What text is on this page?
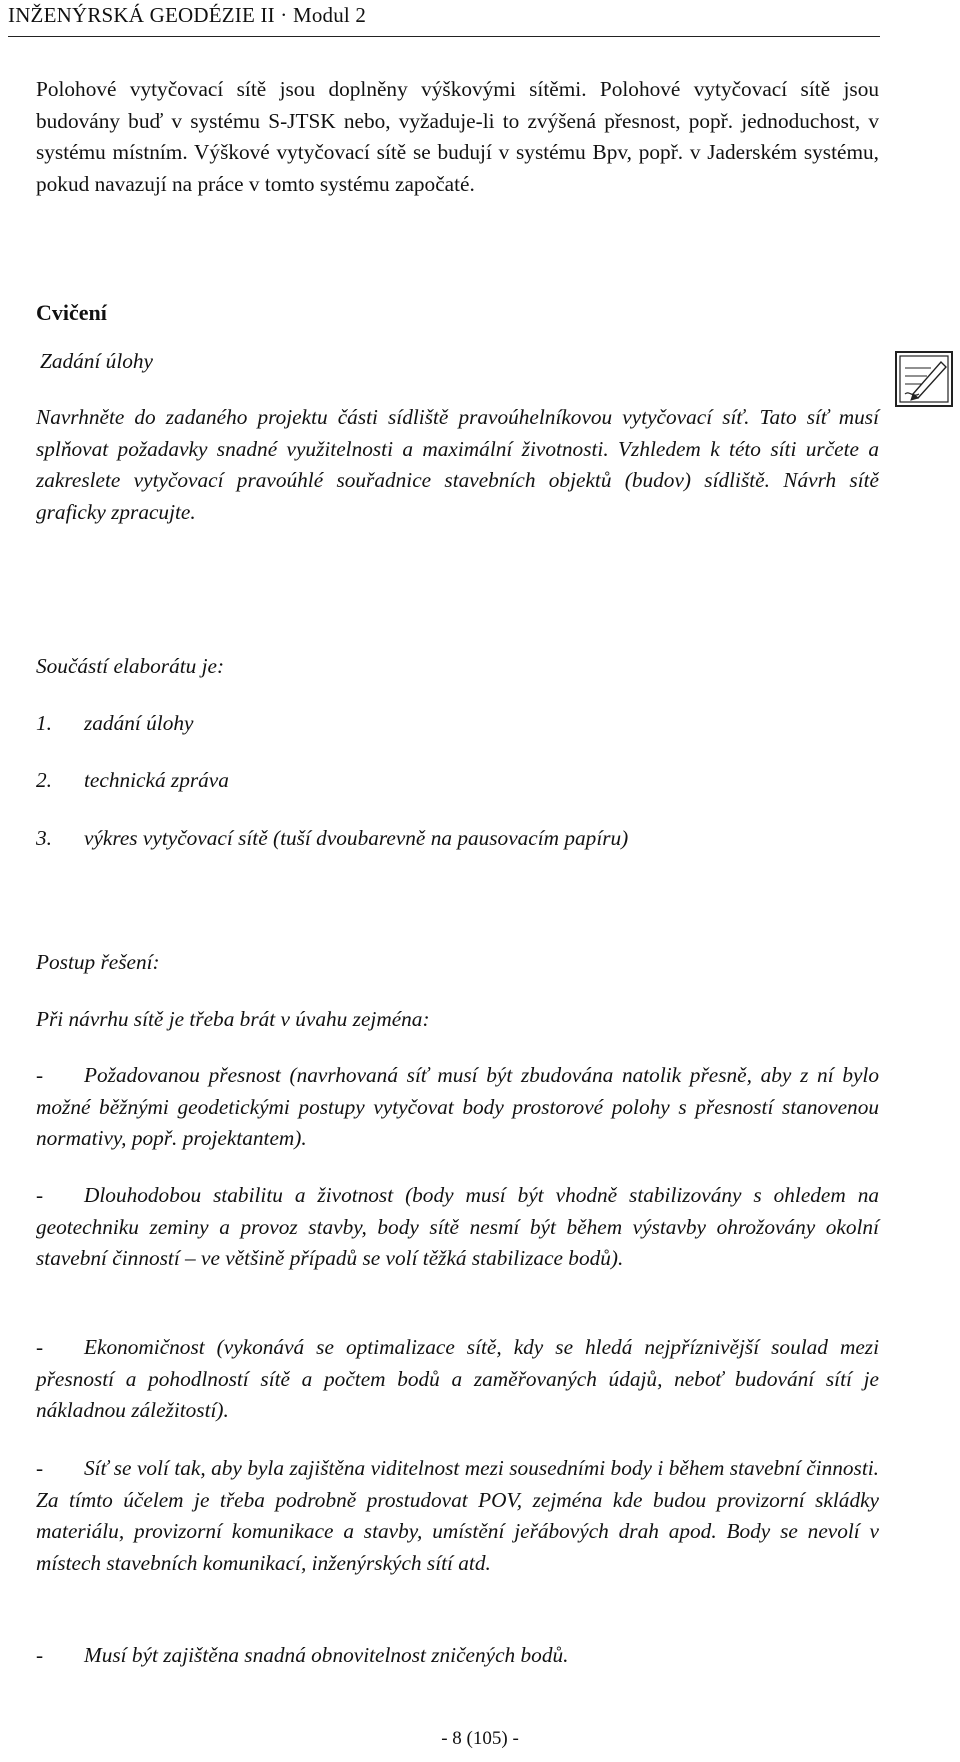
INŽENÝRSKÁ GEODÉZIE II · Modul 2

Polohové vytyčovací sítě jsou doplněny výškovými sítěmi. Polohové vytyčovací sítě jsou budovány buď v systému S-JTSK nebo, vyžaduje-li to zvýšená přesnost, popř. jednoduchost, v systému místním. Výškové vytyčovací sítě se budují v systému Bpv, popř. v Jaderském systému, pokud navazují na práce v tomto systému započaté.

Cvičení
Zadání úlohy

Navrhněte do zadaného projektu části sídliště pravoúhelníkovou vytyčovací síť. Tato síť musí splňovat požadavky snadné využitelnosti a maximální životnosti. Vzhledem k této síti určete a zakreslete vytyčovací pravoúhlé souřadnice stavebních objektů (budov) sídliště. Návrh sítě graficky zpracujte.

Součástí elaborátu je:
1. zadání úlohy
2. technická zpráva
3. výkres vytyčovací sítě (tuší dvoubarevně na pausovacím papíru)
Postup řešení:
Při návrhu sítě je třeba brát v úvahu zejména:

- Požadovanou přesnost (navrhovaná síť musí být zbudována natolik přesně, aby z ní bylo možné běžnými geodetickými postupy vytyčovat body prostorové polohy s přesností stanovenou normativy, popř. projektantem).

- Dlouhodobou stabilitu a životnost (body musí být vhodně stabilizovány s ohledem na geotechniku zeminy a provoz stavby, body sítě nesmí být během výstavby ohrožovány okolní stavební činností – ve většině případů se volí těžká stabilizace bodů).

- Ekonomičnost (vykonává se optimalizace sítě, kdy se hledá nejpříznivější soulad mezi přesností a pohodlností sítě a počtem bodů a zaměřovaných údajů, neboť budování sítí je nákladnou záležitostí).

- Síť se volí tak, aby byla zajištěna viditelnost mezi sousedními body i během stavební činnosti. Za tímto účelem je třeba podrobně prostudovat POV, zejména kde budou provizorní skládky materiálu, provizorní komunikace a stavby, umístění jeřábových drah apod. Body se nevolí v místech stavebních komunikací, inženýrských sítí atd.

- Musí být zajištěna snadná obnovitelnost zničených bodů.

- 8 (105) -
